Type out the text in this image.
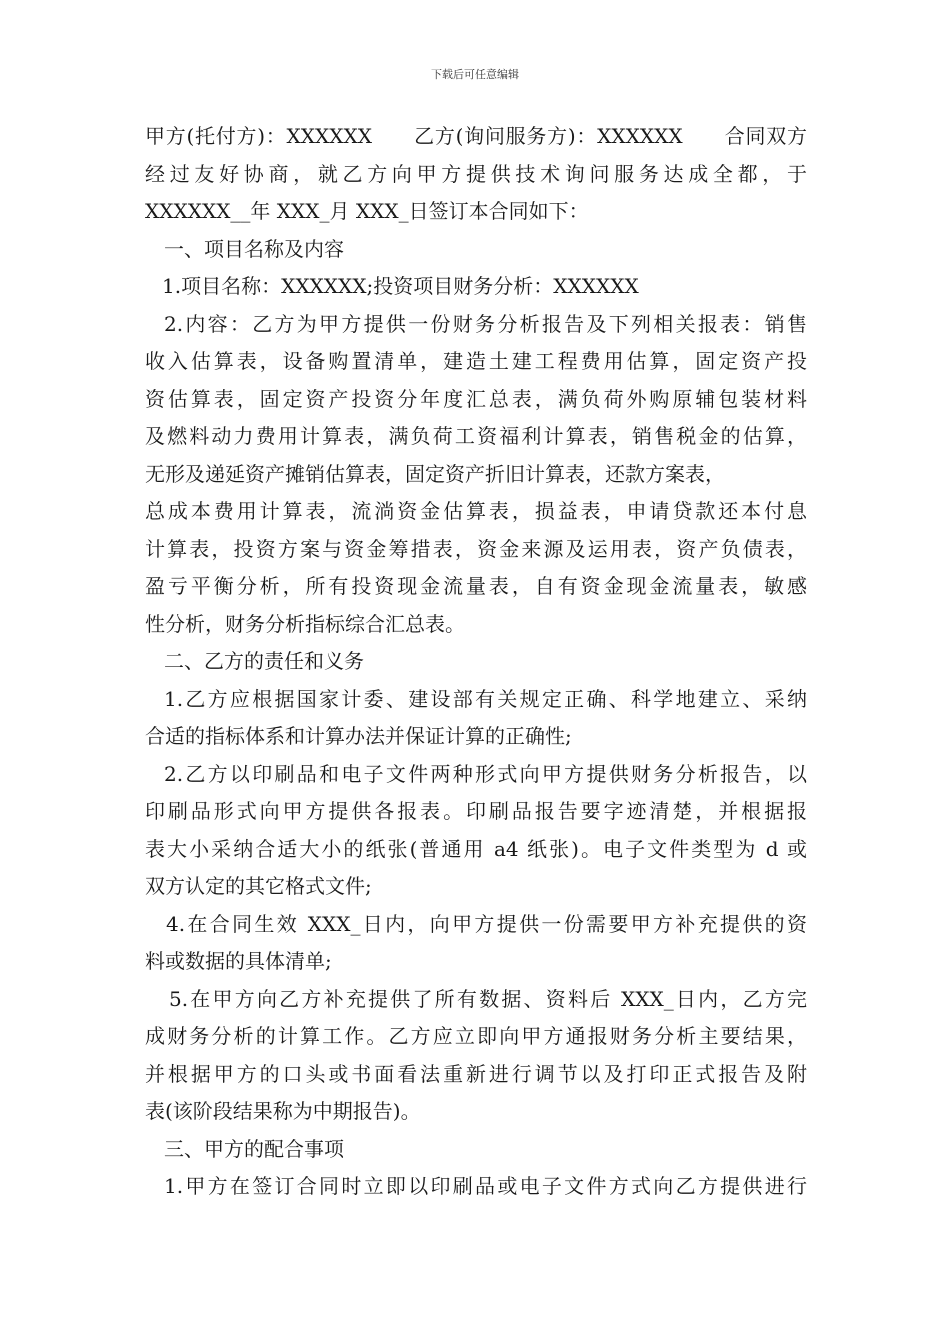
下载后可任意编辑
甲方(托付方)：XXXXXX　　乙方(询问服务方)：XXXXXX　　合同双方
经过友好协商，就乙方向甲方提供技术询问服务达成全都，于
XXXXXX__年 XXX_月 XXX_日签订本合同如下：
一、项目名称及内容
1.项目名称：XXXXXX;投资项目财务分析：XXXXXX
2.内容：乙方为甲方提供一份财务分析报告及下列相关报表：销售
收入估算表，设备购置清单，建造土建工程费用估算，固定资产投
资估算表，固定资产投资分年度汇总表，满负荷外购原辅包装材料
及燃料动力费用计算表，满负荷工资福利计算表，销售税金的估算，
无形及递延资产摊销估算表，固定资产折旧计算表，还款方案表，
总成本费用计算表，流淌资金估算表，损益表，申请贷款还本付息
计算表，投资方案与资金筹措表，资金来源及运用表，资产负债表，
盈亏平衡分析，所有投资现金流量表，自有资金现金流量表，敏感
性分析，财务分析指标综合汇总表。
二、乙方的责任和义务
1.乙方应根据国家计委、建设部有关规定正确、科学地建立、采纳
合适的指标体系和计算办法并保证计算的正确性;
2.乙方以印刷品和电子文件两种形式向甲方提供财务分析报告，以
印刷品形式向甲方提供各报表。印刷品报告要字迹清楚，并根据报
表大小采纳合适大小的纸张(普通用 a4 纸张)。电子文件类型为 d 或
双方认定的其它格式文件;
4.在合同生效 XXX_日内，向甲方提供一份需要甲方补充提供的资
料或数据的具体清单;
5.在甲方向乙方补充提供了所有数据、资料后 XXX_日内，乙方完
成财务分析的计算工作。乙方应立即向甲方通报财务分析主要结果，
并根据甲方的口头或书面看法重新进行调节以及打印正式报告及附
表(该阶段结果称为中期报告)。
三、甲方的配合事项
1.甲方在签订合同时立即以印刷品或电子文件方式向乙方提供进行
